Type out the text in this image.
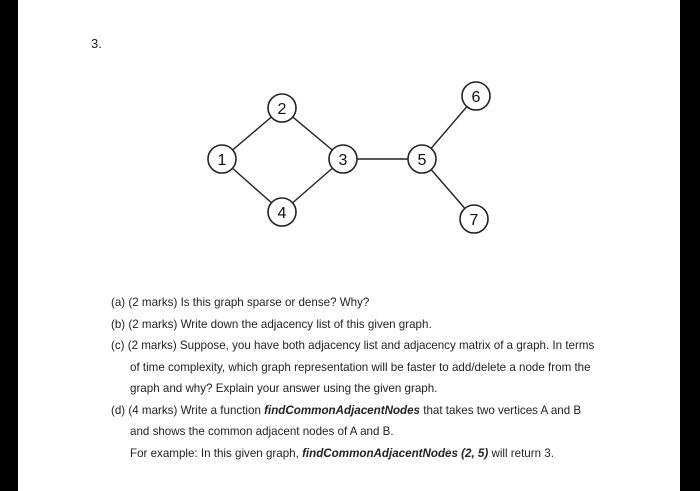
3.
1
2
3
4
5
6
7
(a) (2 marks) Is this graph sparse or dense? Why?
(b) (2 marks) Write down the adjacency list of this given graph.
(c) (2 marks) Suppose, you have both adjacency list and adjacency matrix of a graph. In terms
of time complexity, which graph representation will be faster to add/delete a node from the
graph and why? Explain your answer using the given graph.
(d) (4 marks) Write a function findCommonAdjacentNodes that takes two vertices A and B
and shows the common adjacent nodes of A and B.
For example: In this given graph, findCommonAdjacentNodes (2, 5) will return 3.
